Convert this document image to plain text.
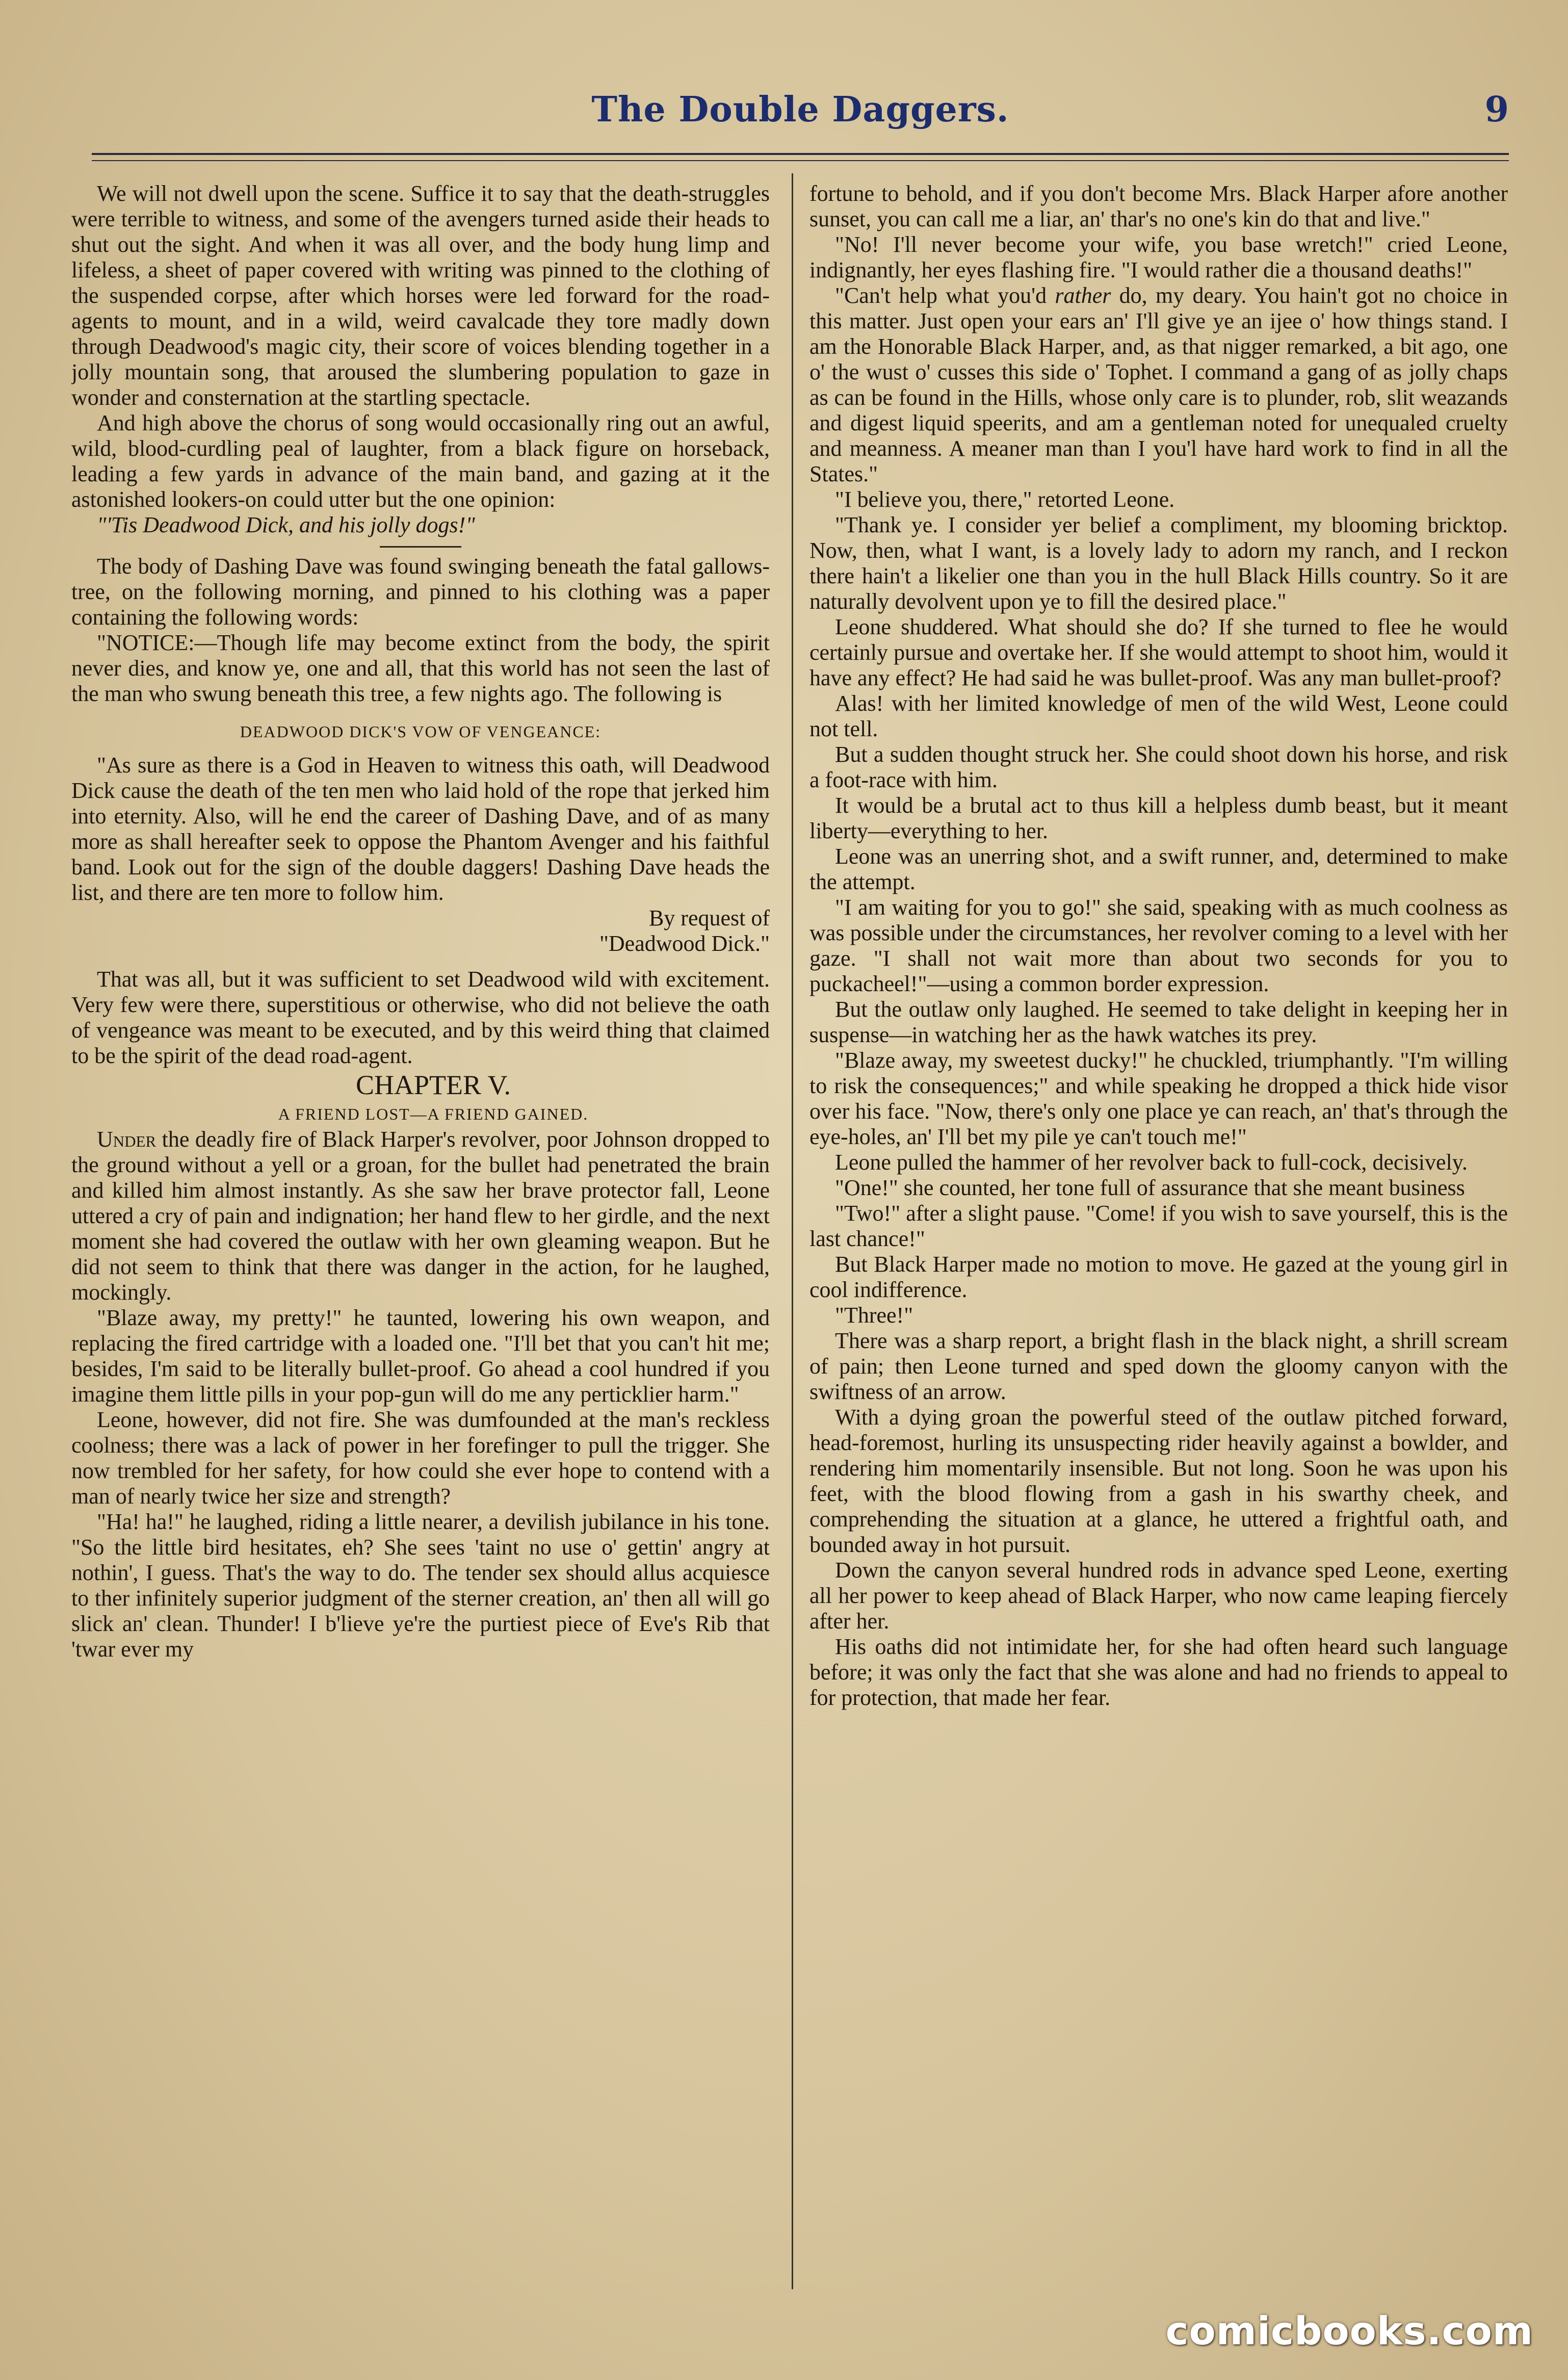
The Double Daggers.	9

We will not dwell upon the scene. Suffice it to say that the death-struggles were terrible to witness, and some of the avengers turned aside their heads to shut out the sight. And when it was all over, and the body hung limp and lifeless, a sheet of paper covered with writing was pinned to the clothing of the suspended corpse, after which horses were led forward for the road-agents to mount, and in a wild, weird cavalcade they tore madly down through Deadwood's magic city, their score of voices blending together in a jolly mountain song, that aroused the slumbering population to gaze in wonder and consternation at the startling spectacle.

And high above the chorus of song would occasionally ring out an awful, wild, blood-curdling peal of laughter, from a black figure on horseback, leading a few yards in advance of the main band, and gazing at it the astonished lookers-on could utter but the one opinion:

"'Tis Deadwood Dick, and his jolly dogs!"

The body of Dashing Dave was found swinging beneath the fatal gallows-tree, on the following morning, and pinned to his clothing was a paper containing the following words:

"NOTICE:—Though life may become extinct from the body, the spirit never dies, and know ye, one and all, that this world has not seen the last of the man who swung beneath this tree, a few nights ago. The following is

DEADWOOD DICK'S VOW OF VENGEANCE:

"As sure as there is a God in Heaven to witness this oath, will Deadwood Dick cause the death of the ten men who laid hold of the rope that jerked him into eternity. Also, will he end the career of Dashing Dave, and of as many more as shall hereafter seek to oppose the Phantom Avenger and his faithful band. Look out for the sign of the double daggers! Dashing Dave heads the list, and there are ten more to follow him.

By request of

"Deadwood Dick."

That was all, but it was sufficient to set Deadwood wild with excitement. Very few were there, superstitious or otherwise, who did not believe the oath of vengeance was meant to be executed, and by this weird thing that claimed to be the spirit of the dead road-agent.

CHAPTER V.

A FRIEND LOST—A FRIEND GAINED.

Under the deadly fire of Black Harper's revolver, poor Johnson dropped to the ground without a yell or a groan, for the bullet had penetrated the brain and killed him almost instantly. As she saw her brave protector fall, Leone uttered a cry of pain and indignation; her hand flew to her girdle, and the next moment she had covered the outlaw with her own gleaming weapon. But he did not seem to think that there was danger in the action, for he laughed, mockingly.

"Blaze away, my pretty!" he taunted, lowering his own weapon, and replacing the fired cartridge with a loaded one. "I'll bet that you can't hit me; besides, I'm said to be literally bullet-proof. Go ahead a cool hundred if you imagine them little pills in your pop-gun will do me any perticklier harm."

Leone, however, did not fire. She was dumfounded at the man's reckless coolness; there was a lack of power in her forefinger to pull the trigger. She now trembled for her safety, for how could she ever hope to contend with a man of nearly twice her size and strength?

"Ha! ha!" he laughed, riding a little nearer, a devilish jubilance in his tone. "So the little bird hesitates, eh? She sees 'taint no use o' gettin' angry at nothin', I guess. That's the way to do. The tender sex should allus acquiesce to ther infinitely superior judgment of the sterner creation, an' then all will go slick an' clean. Thunder! I b'lieve ye're the purtiest piece of Eve's Rib that 'twar ever my

fortune to behold, and if you don't become Mrs. Black Harper afore another sunset, you can call me a liar, an' thar's no one's kin do that and live."

"No! I'll never become your wife, you base wretch!" cried Leone, indignantly, her eyes flashing fire. "I would rather die a thousand deaths!"

"Can't help what you'd rather do, my deary. You hain't got no choice in this matter. Just open your ears an' I'll give ye an ijee o' how things stand. I am the Honorable Black Harper, and, as that nigger remarked, a bit ago, one o' the wust o' cusses this side o' Tophet. I command a gang of as jolly chaps as can be found in the Hills, whose only care is to plunder, rob, slit weazands and digest liquid speerits, and am a gentleman noted for unequaled cruelty and meanness. A meaner man than I you'l have hard work to find in all the States."

"I believe you, there," retorted Leone.

"Thank ye. I consider yer belief a compliment, my blooming bricktop. Now, then, what I want, is a lovely lady to adorn my ranch, and I reckon there hain't a likelier one than you in the hull Black Hills country. So it are naturally devolvent upon ye to fill the desired place."

Leone shuddered. What should she do? If she turned to flee he would certainly pursue and overtake her. If she would attempt to shoot him, would it have any effect? He had said he was bullet-proof. Was any man bullet-proof?

Alas! with her limited knowledge of men of the wild West, Leone could not tell.

But a sudden thought struck her. She could shoot down his horse, and risk a foot-race with him.

It would be a brutal act to thus kill a helpless dumb beast, but it meant liberty—everything to her.

Leone was an unerring shot, and a swift runner, and, determined to make the attempt.

"I am waiting for you to go!" she said, speaking with as much coolness as was possible under the circumstances, her revolver coming to a level with her gaze. "I shall not wait more than about two seconds for you to puckacheel!"—using a common border expression.

But the outlaw only laughed. He seemed to take delight in keeping her in suspense—in watching her as the hawk watches its prey.

"Blaze away, my sweetest ducky!" he chuckled, triumphantly. "I'm willing to risk the consequences;" and while speaking he dropped a thick hide visor over his face. "Now, there's only one place ye can reach, an' that's through the eye-holes, an' I'll bet my pile ye can't touch me!"

Leone pulled the hammer of her revolver back to full-cock, decisively.

"One!" she counted, her tone full of assurance that she meant business

"Two!" after a slight pause. "Come! if you wish to save yourself, this is the last chance!"

But Black Harper made no motion to move. He gazed at the young girl in cool indifference.

"Three!"

There was a sharp report, a bright flash in the black night, a shrill scream of pain; then Leone turned and sped down the gloomy canyon with the swiftness of an arrow.

With a dying groan the powerful steed of the outlaw pitched forward, head-foremost, hurling its unsuspecting rider heavily against a bowlder, and rendering him momentarily insensible. But not long. Soon he was upon his feet, with the blood flowing from a gash in his swarthy cheek, and comprehending the situation at a glance, he uttered a frightful oath, and bounded away in hot pursuit.

Down the canyon several hundred rods in advance sped Leone, exerting all her power to keep ahead of Black Harper, who now came leaping fiercely after her.

His oaths did not intimidate her, for she had often heard such language before; it was only the fact that she was alone and had no friends to appeal to for protection, that made her fear.

comicbooks.com
